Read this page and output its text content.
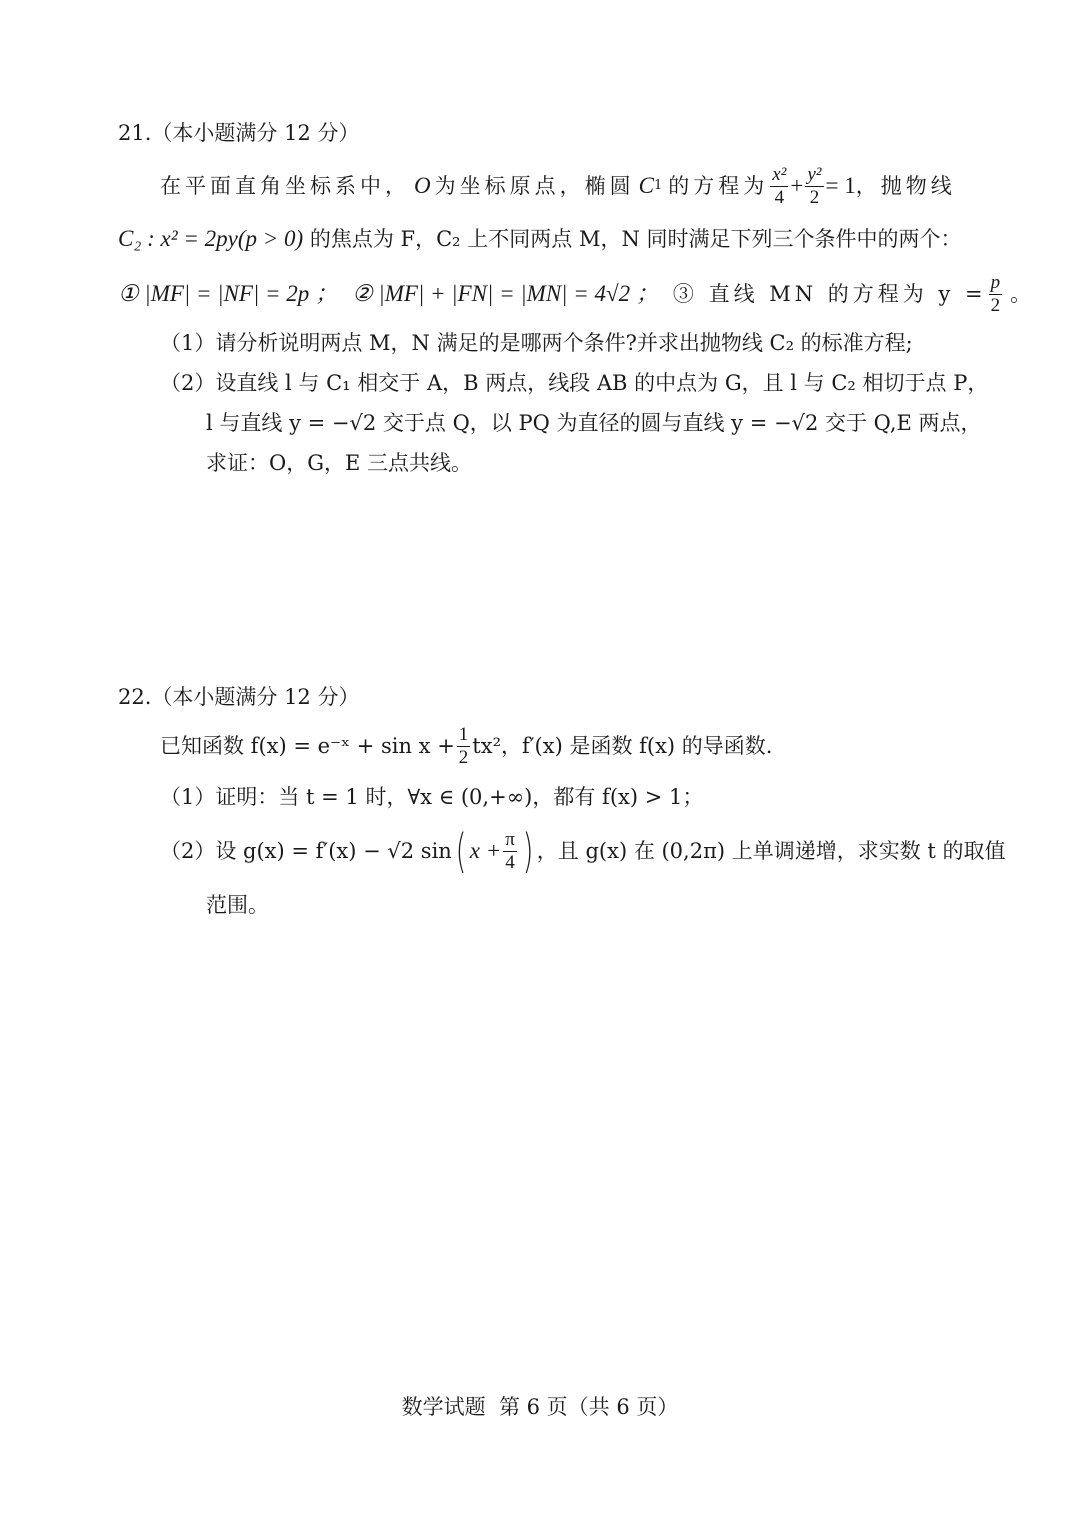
21.（本小题满分 12 分）
在平面直角坐标系中， O 为坐标原点，椭圆 C 1 的方程为 $\frac{\text{x²}}{4} + \frac{\text{y²}}{2} = 1$ ，抛物线
C₂ : x² = 2py(p > 0) 的焦点为 F，C₂ 上不同两点 M，N 同时满足下列三个条件中的两个：
① |MF| = |NF| = 2p ； ② |MF| + |FN| = |MN| = 4√2 ； ③ 直线 MN 的方程为 $y = \frac{p}{2}$ 。
（1）请分析说明两点 M，N 满足的是哪两个条件?并求出抛物线 C₂ 的标准方程;
（2）设直线 l 与 C₁ 相交于 A，B 两点，线段 AB 的中点为 G，且 l 与 C₂ 相切于点 P，
l 与直线 y = −√2 交于点 Q，以 PQ 为直径的圆与直线 y = −√2 交于 Q,E 两点，
求证：O，G，E 三点共线。
22.（本小题满分 12 分）
已知函数 f(x) = e⁻ˣ + $\sin x + \frac{1}{2} tx^2$，f′(x) 是函数 f(x) 的导函数.
（1）证明：当 t = 1 时，∀x ∈ (0,+∞)，都有 f(x) > 1；
（2）设 g(x) = f′(x) − √2 sin ( $x + \frac{\pi}{4}$ ) ，且 g(x) 在 (0,2π) 上单调递增，求实数 t 的取值
范围。
数学试题  第 6 页（共 6 页）
